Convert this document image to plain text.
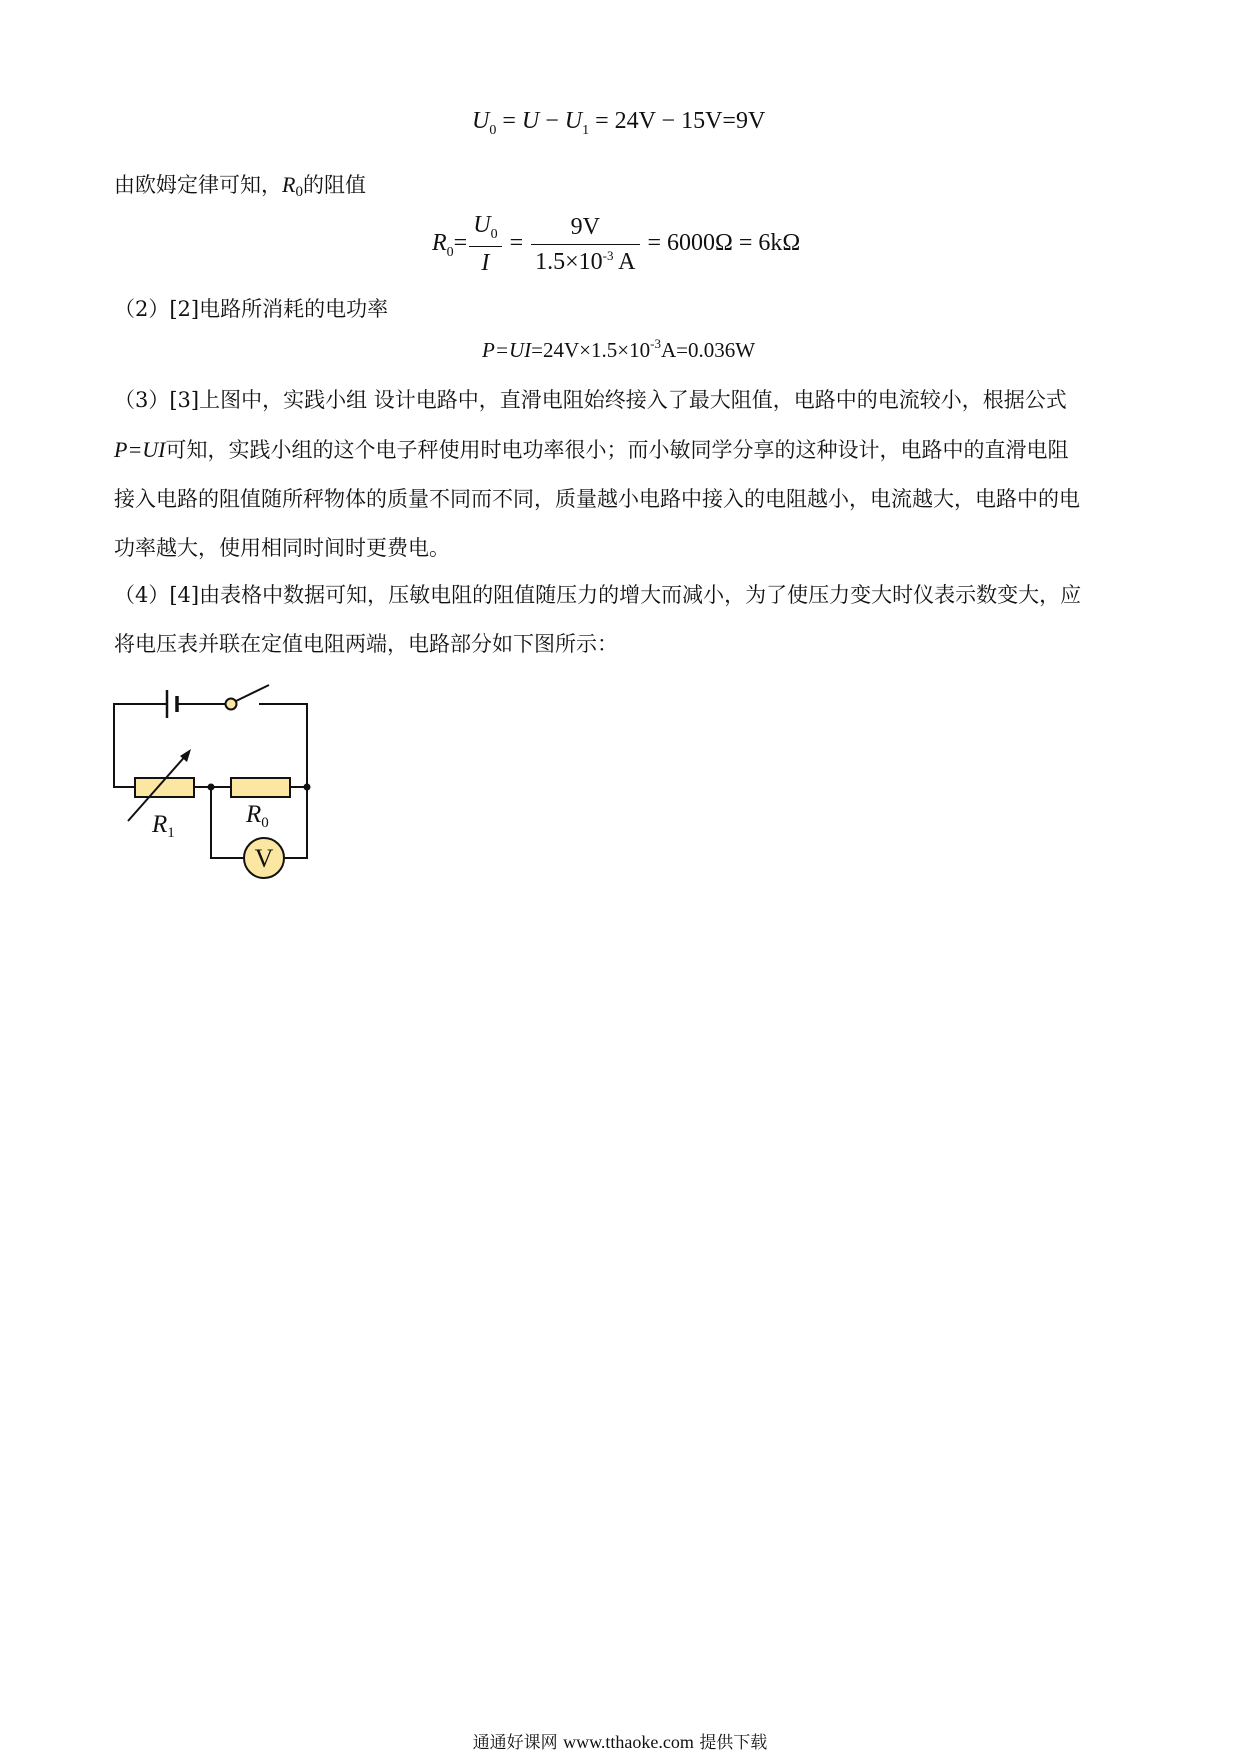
$U_0 = U - U_1 = 24V - 15V=9V$
由欧姆定律可知，R0的阻值
$R_0= \frac{U_0}{I} = \frac{9V}{1.5\times 10^{-3} A} = 6000\Omega = 6k\Omega$
（2）[2]电路所消耗的电功率
$P=UI=24V\times 1.5\times 10^{-3}A=0.036W$
（3）[3]上图中，实践小组 设计电路中，直滑电阻始终接入了最大阻值，电路中的电流较小，根据公式
P=UI可知，实践小组的这个电子秤使用时电功率很小；而小敏同学分享的这种设计，电路中的直滑电阻
接入电路的阻值随所秤物体的质量不同而不同，质量越小电路中接入的电阻越小，电流越大，电路中的电
功率越大，使用相同时间时更费电。
（4）[4]由表格中数据可知，压敏电阻的阻值随压力的增大而减小，为了使压力变大时仪表示数变大，应
将电压表并联在定值电阻两端，电路部分如下图所示：
V
$R_1$
$R_0$
通通好课网 www.tthaoke.com 提供下载
